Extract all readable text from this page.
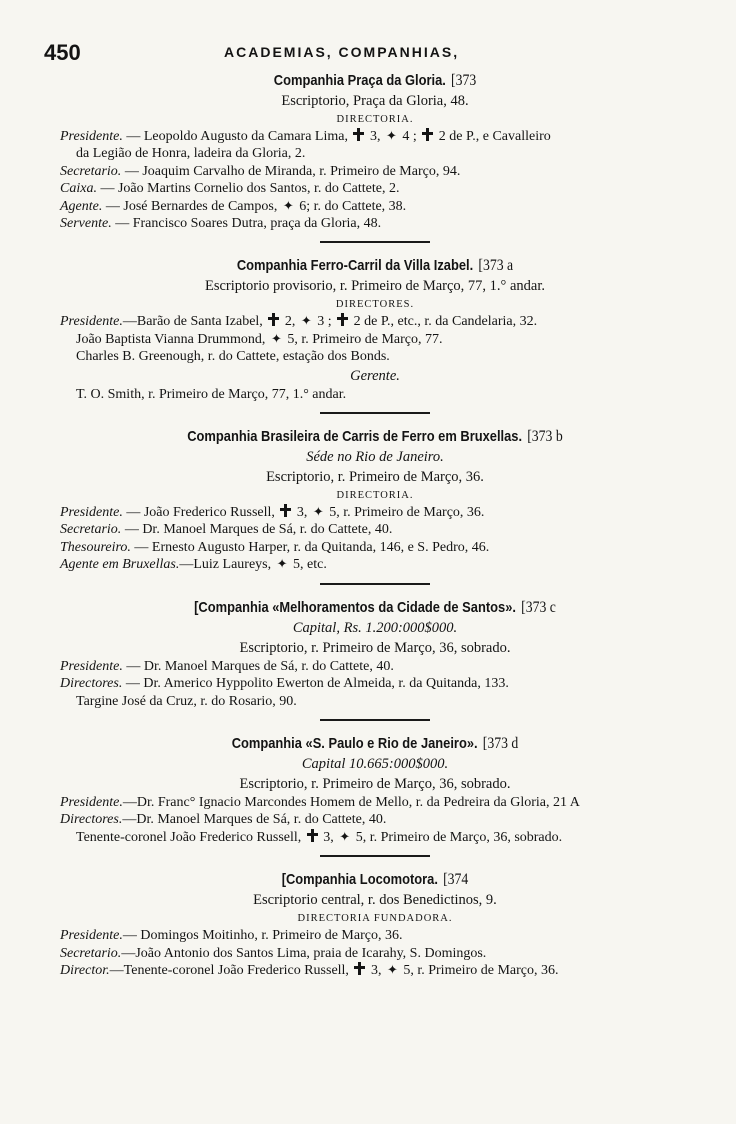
450	ACADEMIAS, COMPANHIAS,
Companhia Praça da Gloria. [373
Escriptorio, Praça da Gloria, 48.
DIRECTORIA.
Presidente. — Leopoldo Augusto da Camara Lima,  3, ✦ 4 ;  2 de P., e Cavalleiro
da Legião de Honra, ladeira da Gloria, 2.
Secretario. — Joaquim Carvalho de Miranda, r. Primeiro de Março, 94.
Caixa. — João Martins Cornelio dos Santos, r. do Cattete, 2.
Agente. — José Bernardes de Campos, ✦ 6; r. do Cattete, 38.
Servente. — Francisco Soares Dutra, praça da Gloria, 48.
Companhia Ferro-Carril da Villa Izabel. [373 a
Escriptorio provisorio, r. Primeiro de Março, 77, 1.° andar.
DIRECTORES.
Presidente.—Barão de Santa Izabel,  2, ✦ 3 ;  2 de P., etc., r. da Candelaria, 32.
João Baptista Vianna Drummond, ✦ 5, r. Primeiro de Março, 77.
Charles B. Greenough, r. do Cattete, estação dos Bonds.
Gerente.
T. O. Smith, r. Primeiro de Março, 77, 1.° andar.
Companhia Brasileira de Carris de Ferro em Bruxellas. [373 b
Séde no Rio de Janeiro.
Escriptorio, r. Primeiro de Março, 36.
DIRECTORIA.
Presidente. — João Frederico Russell,  3, ✦ 5, r. Primeiro de Março, 36.
Secretario. — Dr. Manoel Marques de Sá, r. do Cattete, 40.
Thesoureiro. — Ernesto Augusto Harper, r. da Quitanda, 146, e S. Pedro, 46.
Agente em Bruxellas.—Luiz Laureys, ✦ 5, etc.
[Companhia «Melhoramentos da Cidade de Santos». [373 c
Capital, Rs. 1.200:000$000.
Escriptorio, r. Primeiro de Março, 36, sobrado.
Presidente. — Dr. Manoel Marques de Sá, r. do Cattete, 40.
Directores. — Dr. Americo Hyppolito Ewerton de Almeida, r. da Quitanda, 133.
Targine José da Cruz, r. do Rosario, 90.
Companhia «S. Paulo e Rio de Janeiro». [373 d
Capital 10.665:000$000.
Escriptorio, r. Primeiro de Março, 36, sobrado.
Presidente.—Dr. Franc° Ignacio Marcondes Homem de Mello, r. da Pedreira da Gloria, 21 A
Directores.—Dr. Manoel Marques de Sá, r. do Cattete, 40.
Tenente-coronel João Frederico Russell,  3, ✦ 5, r. Primeiro de Março, 36, sobrado.
[Companhia Locomotora. [374
Escriptorio central, r. dos Benedictinos, 9.
DIRECTORIA FUNDADORA.
Presidente.— Domingos Moitinho, r. Primeiro de Março, 36.
Secretario.—João Antonio dos Santos Lima, praia de Icarahy, S. Domingos.
Director.—Tenente-coronel João Frederico Russell,  3, ✦ 5, r. Primeiro de Março, 36.
